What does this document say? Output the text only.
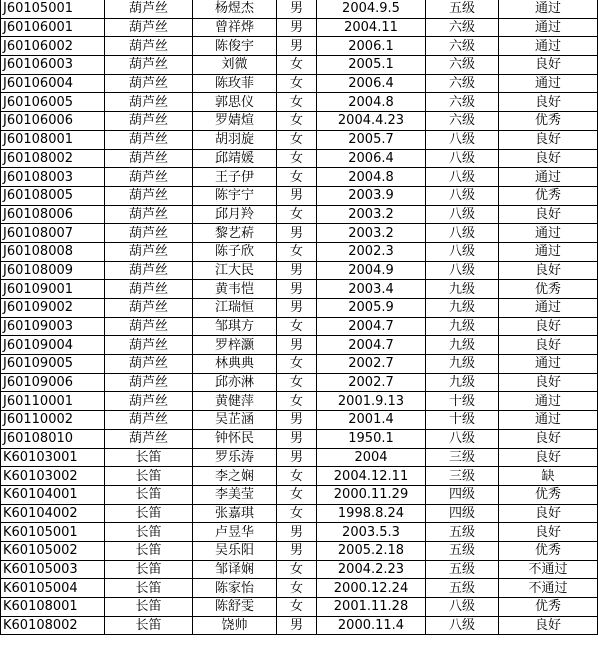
J60105001	葫芦丝	杨煜杰	男	2004.9.5	五级	通过
J60106001	葫芦丝	曾祥烨	男	2004.11	六级	通过
J60106002	葫芦丝	陈俊宇	男	2006.1	六级	通过
J60106003	葫芦丝	刘微	女	2005.1	六级	良好
J60106004	葫芦丝	陈玫菲	女	2006.4	六级	通过
J60106005	葫芦丝	郭思仪	女	2004.8	六级	良好
J60106006	葫芦丝	罗婧煊	女	2004.4.23	六级	优秀
J60108001	葫芦丝	胡羽旋	女	2005.7	八级	良好
J60108002	葫芦丝	邱靖媛	女	2006.4	八级	良好
J60108003	葫芦丝	王子伊	女	2004.8	八级	通过
J60108005	葫芦丝	陈宇宁	男	2003.9	八级	优秀
J60108006	葫芦丝	邱月羚	女	2003.2	八级	良好
J60108007	葫芦丝	黎艺菥	男	2003.2	八级	通过
J60108008	葫芦丝	陈子欣	女	2002.3	八级	通过
J60108009	葫芦丝	江大民	男	2004.9	八级	良好
J60109001	葫芦丝	黄韦恺	男	2003.4	九级	优秀
J60109002	葫芦丝	江瑞恒	男	2005.9	九级	通过
J60109003	葫芦丝	邹琪方	女	2004.7	九级	良好
J60109004	葫芦丝	罗梓灏	男	2004.7	九级	良好
J60109005	葫芦丝	林典典	女	2002.7	九级	通过
J60109006	葫芦丝	邱亦淋	女	2002.7	九级	良好
J60110001	葫芦丝	黄健萍	女	2001.9.13	十级	通过
J60110002	葫芦丝	吴芷涵	男	2001.4	十级	通过
J60108010	葫芦丝	钟怀民	男	1950.1	八级	良好
K60103001	长笛	罗乐涛	男	2004	三级	良好
K60103002	长笛	李之娴	女	2004.12.11	三级	缺
K60104001	长笛	李美莹	女	2000.11.29	四级	优秀
K60104002	长笛	张嘉琪	女	1998.8.24	四级	良好
K60105001	长笛	卢昱华	男	2003.5.3	五级	良好
K60105002	长笛	吴乐阳	男	2005.2.18	五级	优秀
K60105003	长笛	邹译娴	女	2004.2.23	五级	不通过
K60105004	长笛	陈家怡	女	2000.12.24	五级	不通过
K60108001	长笛	陈舒雯	女	2001.11.28	八级	优秀
K60108002	长笛	饶帅	男	2000.11.4	八级	良好
